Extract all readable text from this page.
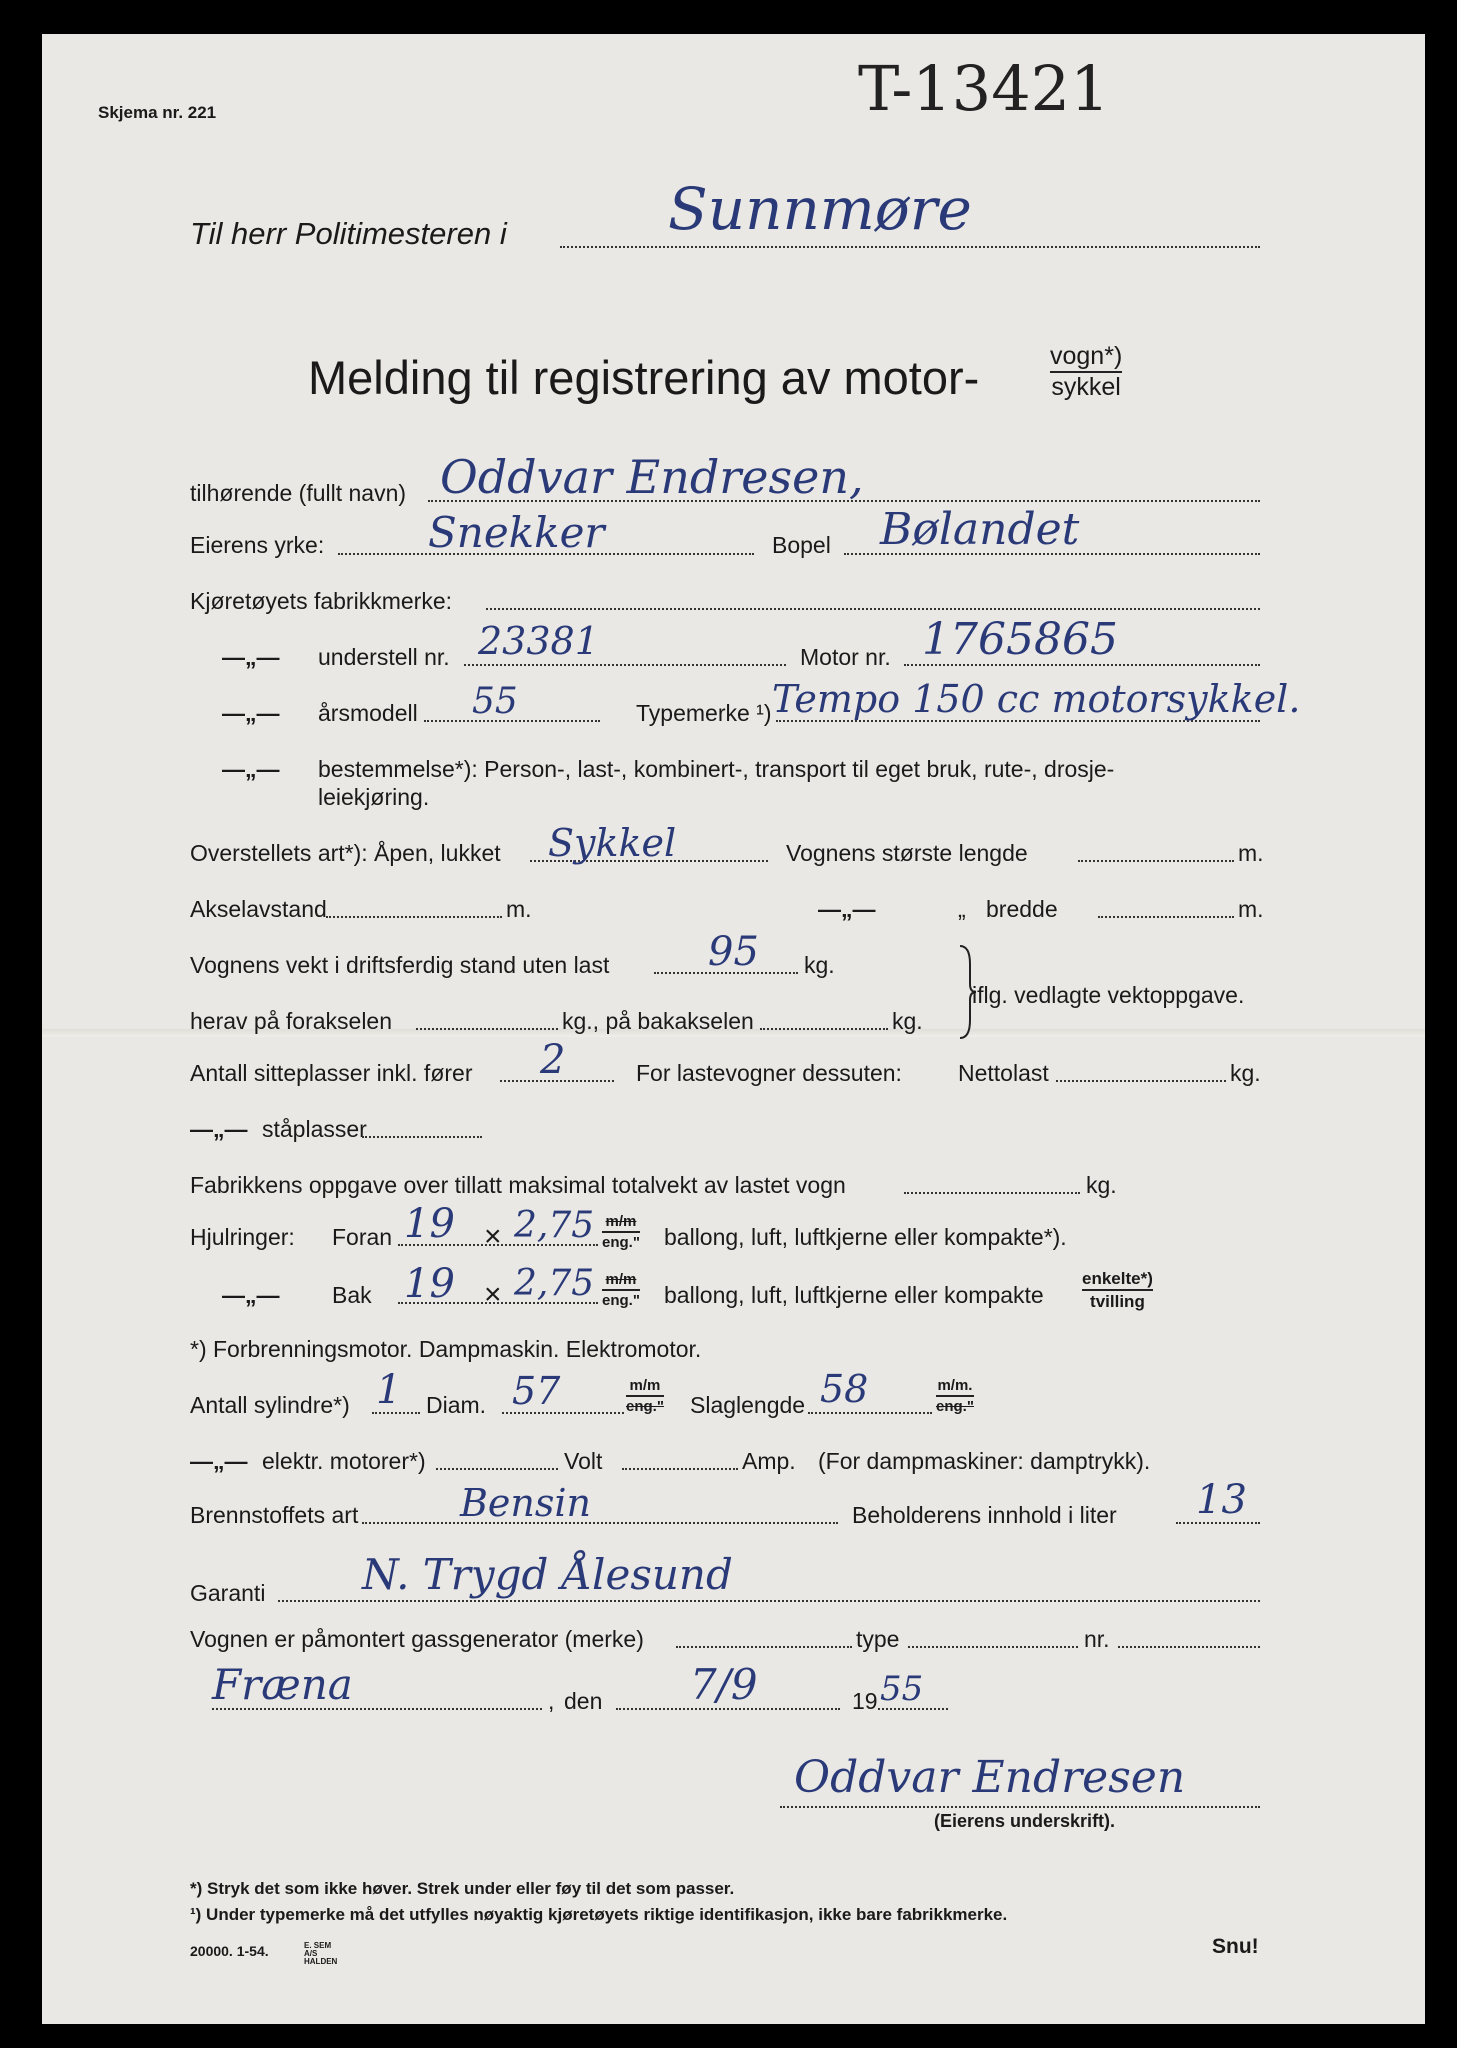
Skjema nr. 221	T-13421
Til herr Politimesteren i	Sunnmøre
Melding til registrering av motor-	vogn*)
sykkel
tilhørende (fullt navn) Oddvar Endresen,
Eierens yrke: Snekker	Bopel Bølandet
Kjøretøyets fabrikkmerke:
—„— understell nr. 23381	Motor nr. 1765865
—„— årsmodell 55	Typemerke ¹) Tempo 150 cc motorsykkel.
—„— bestemmelse*): Person-, last-, kombinert-, transport til eget bruk, rute-, drosje-
leiekjøring.
Overstellets art*): Åpen, lukket Sykkel	Vognens største lengde	m.
Akselavstand	m.	—„—	„ bredde	m.
Vognens vekt i driftsferdig stand uten last 95 kg.
herav på forakselen	kg., på bakakselen	kg.
iflg. vedlagte vektoppgave.
Antall sitteplasser inkl. fører 2	For lastevogner dessuten: Nettolast	kg.
—„— ståplasser
Fabrikkens oppgave over tillatt maksimal totalvekt av lastet vogn	kg.
Hjulringer: Foran 19 × 2,75 m/m
eng." ballong, luft, luftkjerne eller kompakte*).
—„— Bak 19 × 2,75 m/m
eng." ballong, luft, luftkjerne eller kompakte
enkelte*)
tvilling
*) Forbrenningsmotor. Dampmaskin. Elektromotor.
Antall sylindre*) 1 Diam. 57	m/m
eng." Slaglengde 58	m/m.
eng."
—„— elektr. motorer*)	Volt	Amp. (For dampmaskiner: damptrykk).
Brennstoffets art	Bensin	Beholderens innhold i liter 13
Garanti N. Trygd Ålesund
Vognen er påmontert gassgenerator (merke)	type	nr.
Fræna	, den 7/9	19 55
Oddvar Endresen
(Eierens underskrift).
*) Stryk det som ikke høver. Strek under eller føy til det som passer.
¹) Under typemerke må det utfylles nøyaktig kjøretøyets riktige identifikasjon, ikke bare fabrikkmerke.
20000. 1-54.	E. SEM A/S HALDEN
Snu!
